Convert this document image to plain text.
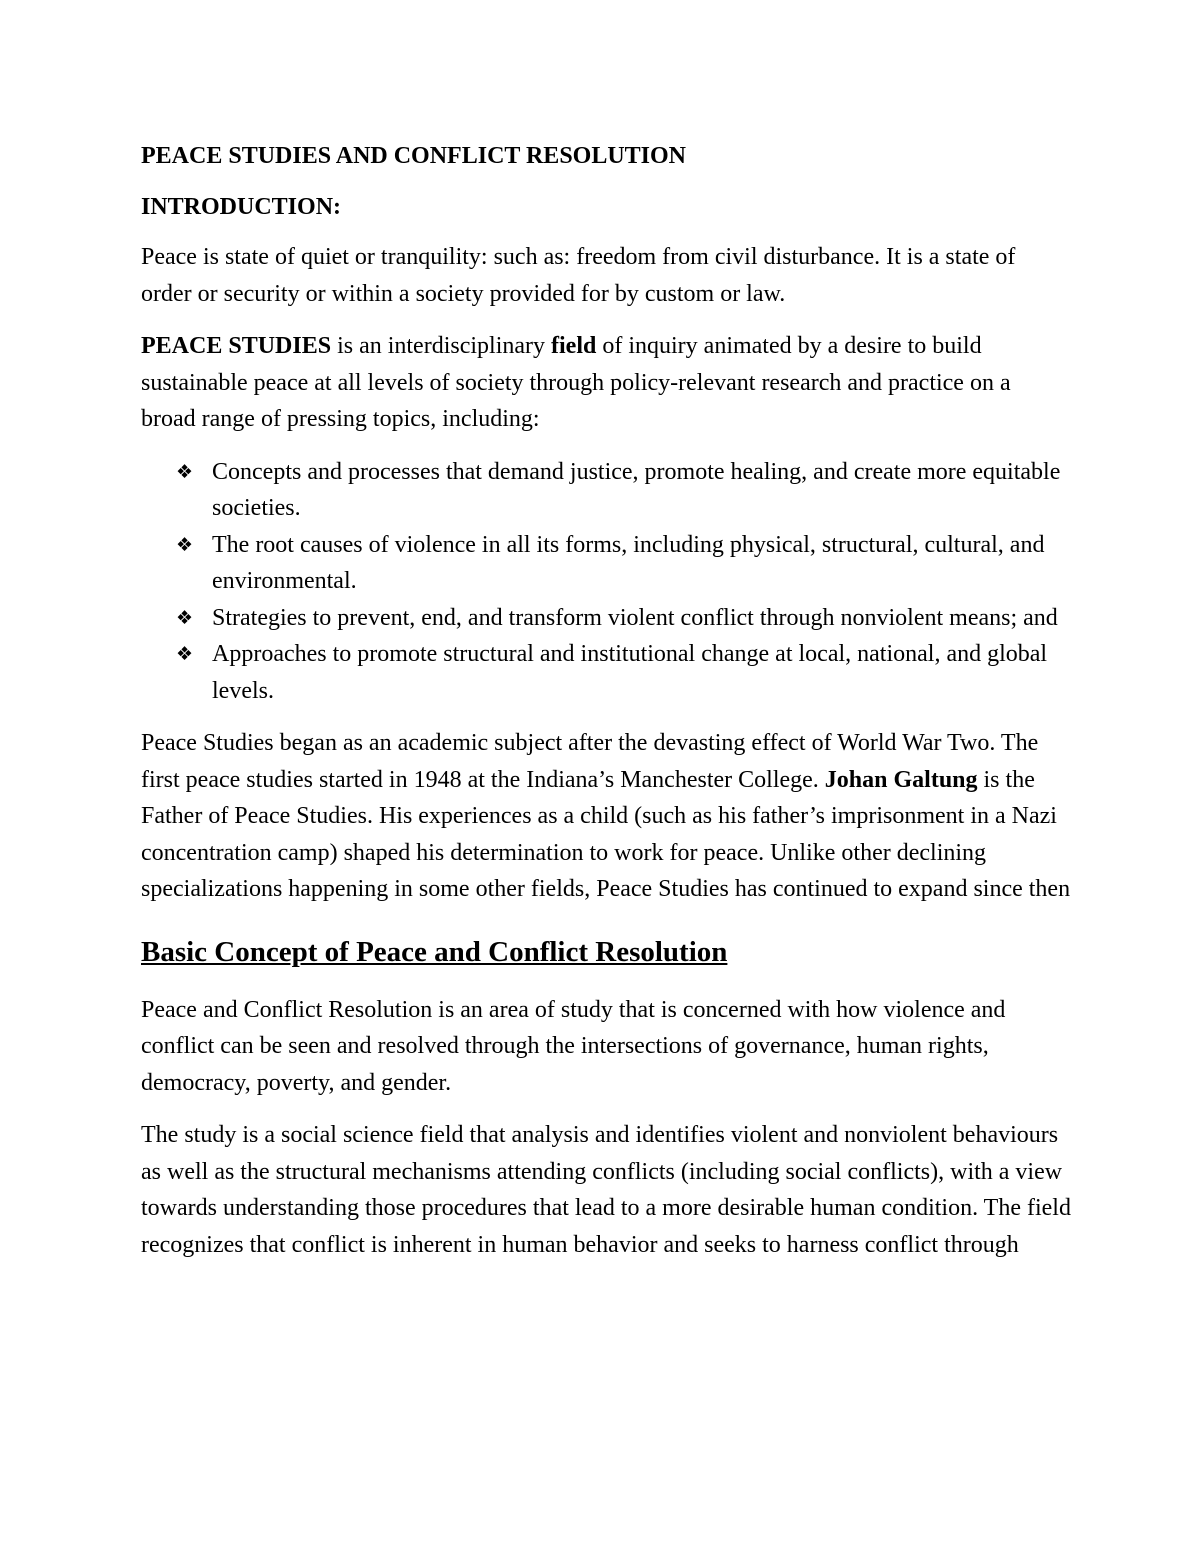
PEACE STUDIES AND CONFLICT RESOLUTION
INTRODUCTION:

Peace is state of quiet or tranquility: such as: freedom from civil disturbance. It is a state of order or security or within a society provided for by custom or law.

PEACE STUDIES is an interdisciplinary field of inquiry animated by a desire to build sustainable peace at all levels of society through policy-relevant research and practice on a broad range of pressing topics, including:

❖ Concepts and processes that demand justice, promote healing, and create more equitable societies.
❖ The root causes of violence in all its forms, including physical, structural, cultural, and environmental.
❖ Strategies to prevent, end, and transform violent conflict through nonviolent means; and
❖ Approaches to promote structural and institutional change at local, national, and global levels.

Peace Studies began as an academic subject after the devasting effect of World War Two. The first peace studies started in 1948 at the Indiana’s Manchester College. Johan Galtung is the Father of Peace Studies. His experiences as a child (such as his father’s imprisonment in a Nazi concentration camp) shaped his determination to work for peace. Unlike other declining specializations happening in some other fields, Peace Studies has continued to expand since then

Basic Concept of Peace and Conflict Resolution

Peace and Conflict Resolution is an area of study that is concerned with how violence and conflict can be seen and resolved through the intersections of governance, human rights, democracy, poverty, and gender.

The study is a social science field that analysis and identifies violent and nonviolent behaviours as well as the structural mechanisms attending conflicts (including social conflicts), with a view towards understanding those procedures that lead to a more desirable human condition. The field recognizes that conflict is inherent in human behavior and seeks to harness conflict through
